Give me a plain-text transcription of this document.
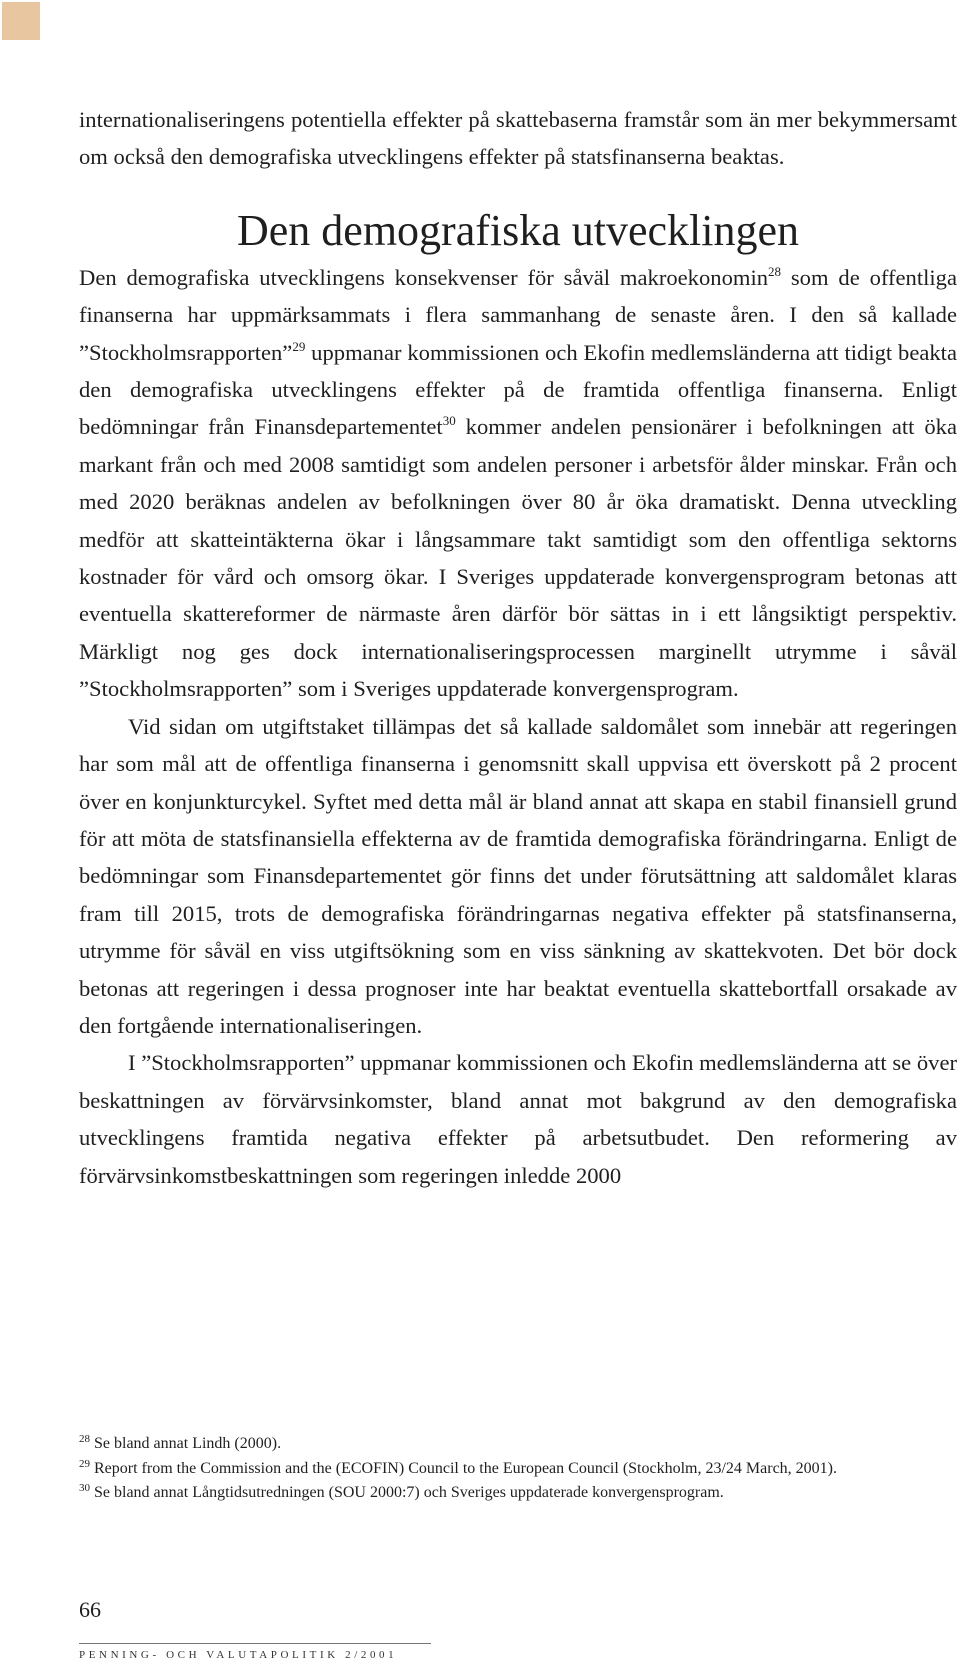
internationaliseringens potentiella effekter på skattebaserna framstår som än mer bekymmersamt om också den demografiska utvecklingens effekter på statsfinanserna beaktas.

Den demografiska utvecklingen

Den demografiska utvecklingens konsekvenser för såväl makroekonomin$^{28}$ som de offentliga finanserna har uppmärksammats i flera sammanhang de senaste åren. I den så kallade ”Stockholmsrapporten”$^{29}$ uppmanar kommissionen och Ekofin medlemsländerna att tidigt beakta den demografiska utvecklingens effekter på de framtida offentliga finanserna. Enligt bedömningar från Finansdepartementet$^{30}$ kommer andelen pensionärer i befolkningen att öka markant från och med 2008 samtidigt som andelen personer i arbetsför ålder minskar. Från och med 2020 beräknas andelen av befolkningen över 80 år öka dramatiskt. Denna utveckling medför att skatteintäkterna ökar i långsammare takt samtidigt som den offentliga sektorns kostnader för vård och omsorg ökar. I Sveriges uppdaterade konvergensprogram betonas att eventuella skattereformer de närmaste åren därför bör sättas in i ett långsiktigt perspektiv. Märkligt nog ges dock internationaliseringsprocessen marginellt utrymme i såväl ”Stockholmsrapporten” som i Sveriges uppdaterade konvergensprogram.

Vid sidan om utgiftstaket tillämpas det så kallade saldomålet som innebär att regeringen har som mål att de offentliga finanserna i genomsnitt skall uppvisa ett överskott på 2 procent över en konjunkturcykel. Syftet med detta mål är bland annat att skapa en stabil finansiell grund för att möta de statsfinansiella effekterna av de framtida demografiska förändringarna. Enligt de bedömningar som Finansdepartementet gör finns det under förutsättning att saldomålet klaras fram till 2015, trots de demografiska förändringarnas negativa effekter på statsfinanserna, utrymme för såväl en viss utgiftsökning som en viss sänkning av skattekvoten. Det bör dock betonas att regeringen i dessa prognoser inte har beaktat eventuella skattebortfall orsakade av den fortgående internationaliseringen.

I ”Stockholmsrapporten” uppmanar kommissionen och Ekofin medlemsländerna att se över beskattningen av förvärvsinkomster, bland annat mot bakgrund av den demografiska utvecklingens framtida negativa effekter på arbetsutbudet. Den reformering av förvärvsinkomstbeskattningen som regeringen inledde 2000

$^{28}$ Se bland annat Lindh (2000).
$^{29}$ Report from the Commission and the (ECOFIN) Council to the European Council (Stockholm, 23/24 March, 2001).
$^{30}$ Se bland annat Långtidsutredningen (SOU 2000:7) och Sveriges uppdaterade konvergensprogram.
66
PENNING- OCH VALUTAPOLITIK 2/2001
